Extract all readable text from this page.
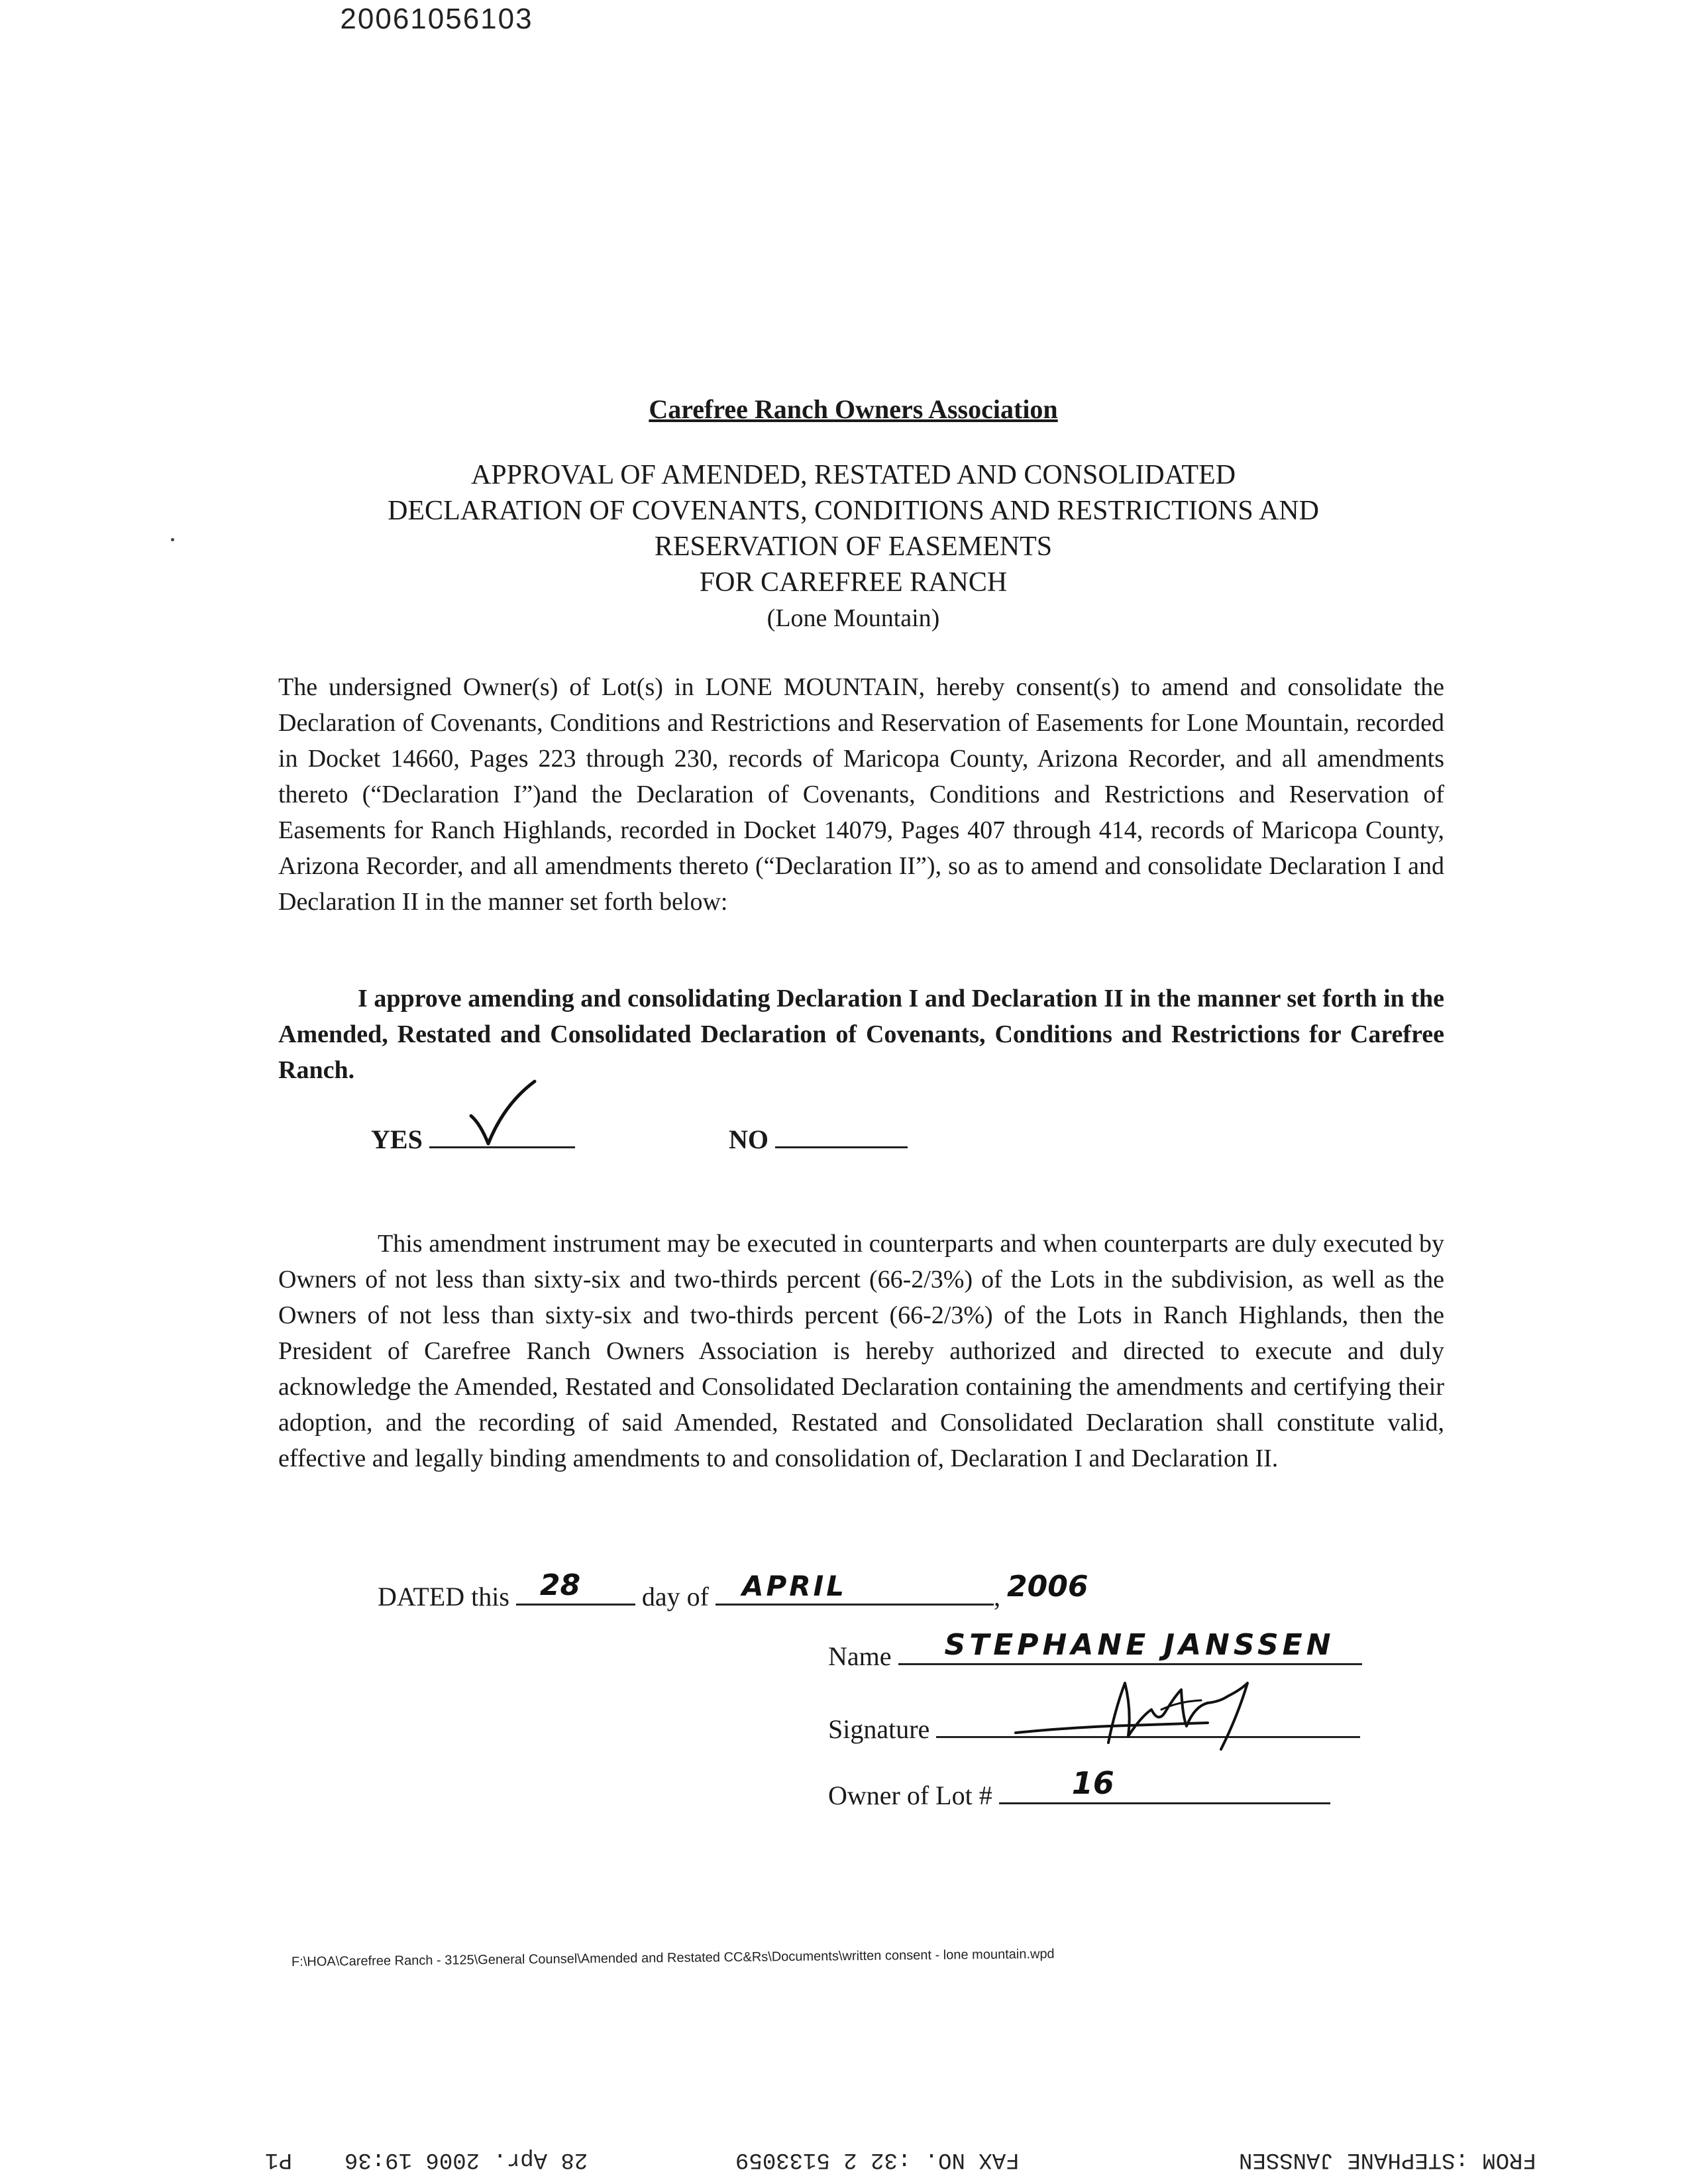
20061056103
Carefree Ranch Owners Association
APPROVAL OF AMENDED, RESTATED AND CONSOLIDATED
DECLARATION OF COVENANTS, CONDITIONS AND RESTRICTIONS AND
RESERVATION OF EASEMENTS
FOR CAREFREE RANCH
(Lone Mountain)
The undersigned Owner(s) of Lot(s) in LONE MOUNTAIN, hereby consent(s) to amend and consolidate the Declaration of Covenants, Conditions and Restrictions and Reservation of Easements for Lone Mountain, recorded in Docket 14660, Pages 223 through 230, records of Maricopa County, Arizona Recorder, and all amendments thereto (“Declaration I”)and the Declaration of Covenants, Conditions and Restrictions and Reservation of Easements for Ranch Highlands, recorded in Docket 14079, Pages 407 through 414, records of Maricopa County, Arizona Recorder, and all amendments thereto (“Declaration II”), so as to amend and consolidate Declaration I and Declaration II in the manner set forth below:
I approve amending and consolidating Declaration I and Declaration II in the manner set forth in the Amended, Restated and Consolidated Declaration of Covenants, Conditions and Restrictions for Carefree Ranch.
YES	NO
This amendment instrument may be executed in counterparts and when counterparts are duly executed by Owners of not less than sixty-six and two-thirds percent (66-2/3%) of the Lots in the subdivision, as well as the Owners of not less than sixty-six and two-thirds percent (66-2/3%) of the Lots in Ranch Highlands, then the President of Carefree Ranch Owners Association is hereby authorized and directed to execute and duly acknowledge the Amended, Restated and Consolidated Declaration containing the amendments and certifying their adoption, and the recording of said Amended, Restated and Consolidated Declaration shall constitute valid, effective and legally binding amendments to and consolidation of, Declaration I and Declaration II.
DATED this 28 day of APRIL	, 2006
Name STEPHANE JANSSEN
Signature
Owner of Lot #	16
F:\HOA\Carefree Ranch - 3125\General Counsel\Amended and Restated CC&Rs\Documents\written consent - lone mountain.wpd
FROM :STEPHANE JANSSEN
FAX NO. :32 2 5133059
28 Apr. 2006 19:36
P1
